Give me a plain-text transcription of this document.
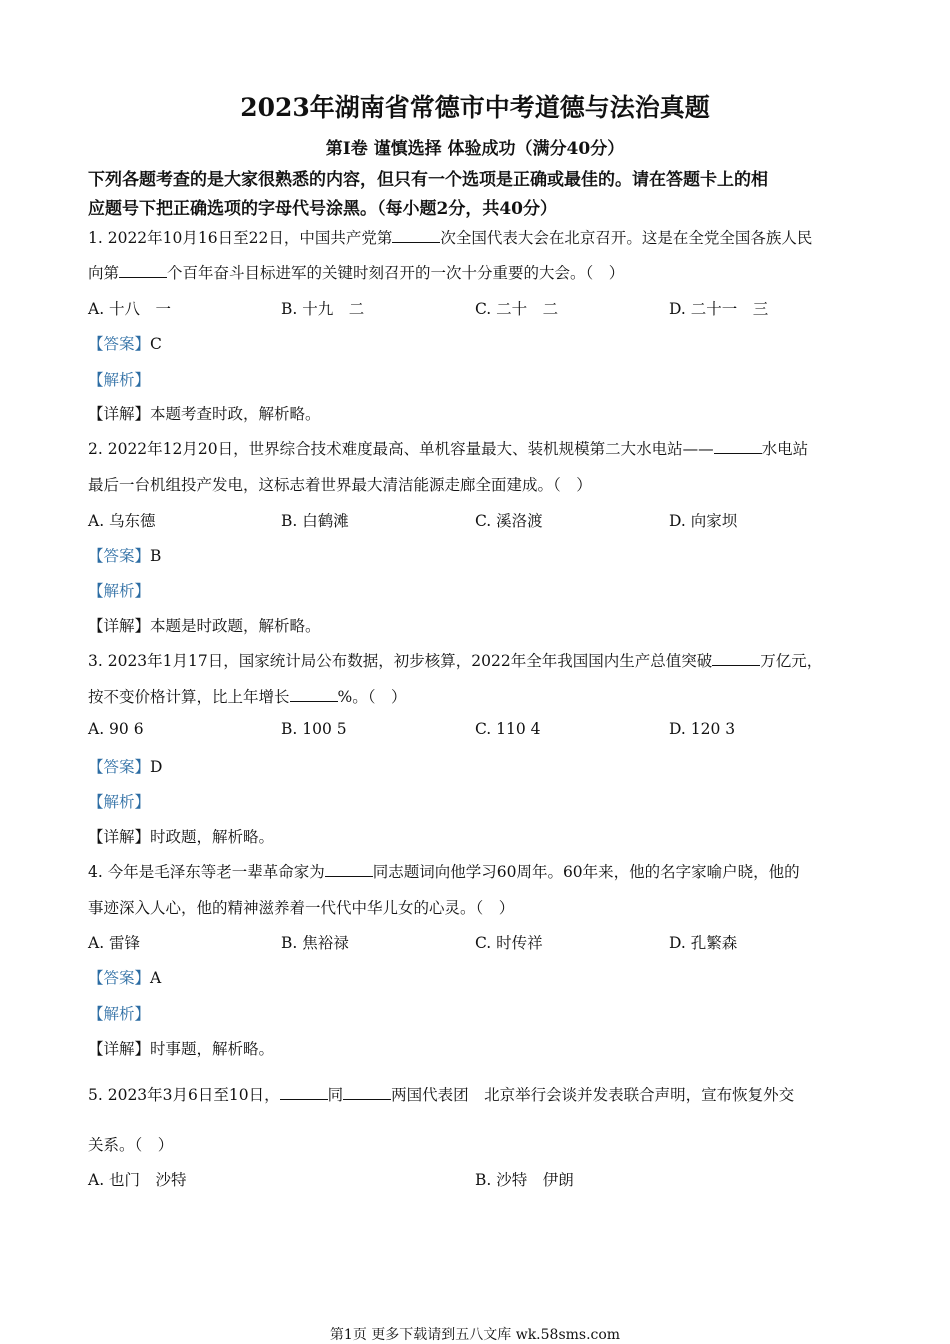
2023年湖南省常德市中考道德与法治真题
第Ⅰ卷 谨慎选择 体验成功（满分40分）
下列各题考查的是大家很熟悉的内容，但只有一个选项是正确或最佳的。请在答题卡上的相
应题号下把正确选项的字母代号涂黑。（每小题2分，共40分）
1. 2022年10月16日至22日，中国共产党第	次全国代表大会在北京召开。这是在全党全国各族人民
向第	个百年奋斗目标进军的关键时刻召开的一次十分重要的大会。（　）
A. 十八　一	B. 十九　二	C. 二十　二	D. 二十一　三
【答案】C
【解析】
【详解】本题考查时政，解析略。
2. 2022年12月20日，世界综合技术难度最高、单机容量最大、装机规模第二大水电站——	水电站
最后一台机组投产发电，这标志着世界最大清洁能源走廊全面建成。（　）
A. 乌东德	B. 白鹤滩	C. 溪洛渡	D. 向家坝
【答案】B
【解析】
【详解】本题是时政题，解析略。
3. 2023年1月17日，国家统计局公布数据，初步核算，2022年全年我国国内生产总值突破	万亿元，
按不变价格计算，比上年增长	%。（　）
A. 90 6	B. 100 5	C. 110 4	D. 120 3
【答案】D
【解析】
【详解】时政题，解析略。
4. 今年是毛泽东等老一辈革命家为	同志题词向他学习60周年。60年来，他的名字家喻户晓，他的
事迹深入人心，他的精神滋养着一代代中华儿女的心灵。（　）
A. 雷锋	B. 焦裕禄	C. 时传祥	D. 孔繁森
【答案】A
【解析】
【详解】时事题，解析略。
5. 2023年3月6日至10日，	同	两国代表团　北京举行会谈并发表联合声明，宣布恢复外交
关系。（　）
A. 也门　沙特	B. 沙特　伊朗
第1页 更多下载请到五八文库 wk.58sms.com
